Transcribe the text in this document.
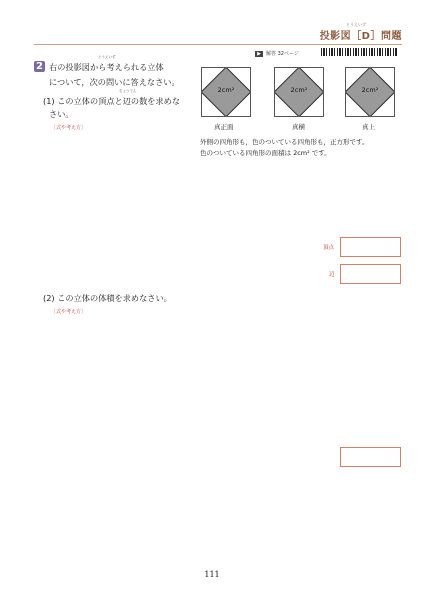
とうえいず
投影図［D］問題
2
とうえいず
右の投影図から考えられる立体
について，次の問いに答えなさい。
ちょうてん
(1) この立体の頂点と辺の数を求めな
さい。
［式や考え方］
▶	解答 32ページ
2cm²	2cm²	2cm²
真正面	真横	真上
外側の四角形も，色のついている四角形も，正方形です。
色のついている四角形の面積は 2cm² です。
頂点
辺
(2) この立体の体積を求めなさい。
［式や考え方］
111
